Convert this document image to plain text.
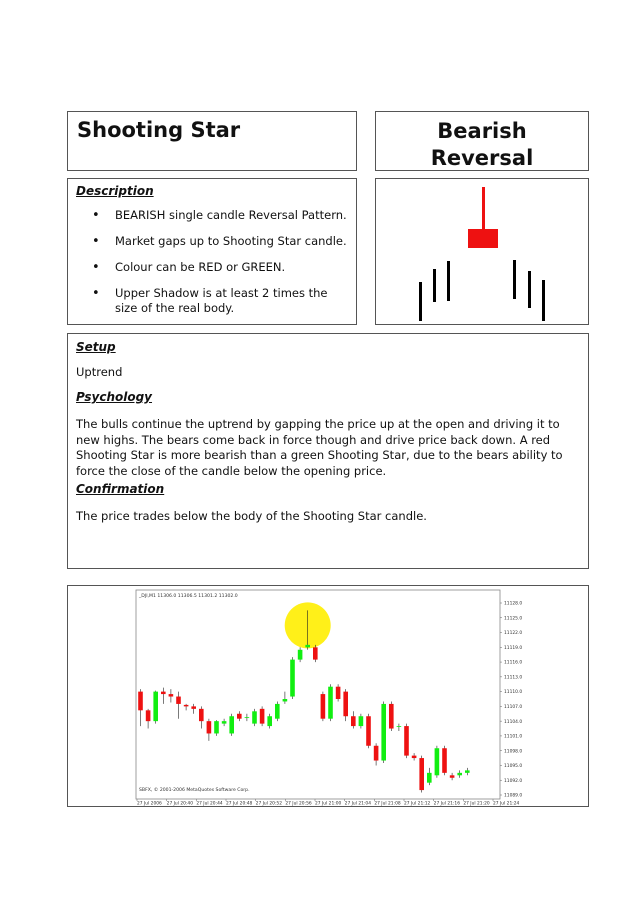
Shooting Star	Bearish
Reversal
Description
• BEARISH single candle Reversal Pattern.
• Market gaps up to Shooting Star candle.
• Colour can be RED or GREEN.
• Upper Shadow is at least 2 times the size of the real body.
Setup
Uptrend
Psychology
The bulls continue the uptrend by gapping the price up at the open and driving it to new highs. The bears come back in force though and drive price back down. A red Shooting Star is more bearish than a green Shooting Star, due to the bears ability to force the close of the candle below the opening price.
Confirmation
The price trades below the body of the Shooting Star candle.
_DJI,M1 11306.0 11306.5 11301.2 11302.0
SBFX, © 2001-2006 MetaQuotes Software Corp.
11128.0
11125.0
11122.0
11119.0
11116.0
11113.0
11110.0
11107.0
11104.0
11101.0
11098.0
11095.0
11092.0
11089.0
27 Jul 2006 27 Jul 20:40 27 Jul 20:44 27 Jul 20:48 27 Jul 20:52 27 Jul 20:56 27 Jul 21:00 27 Jul 21:04 27 Jul 21:08 27 Jul 21:12 27 Jul 21:16 27 Jul 21:20 27 Jul 21:24
